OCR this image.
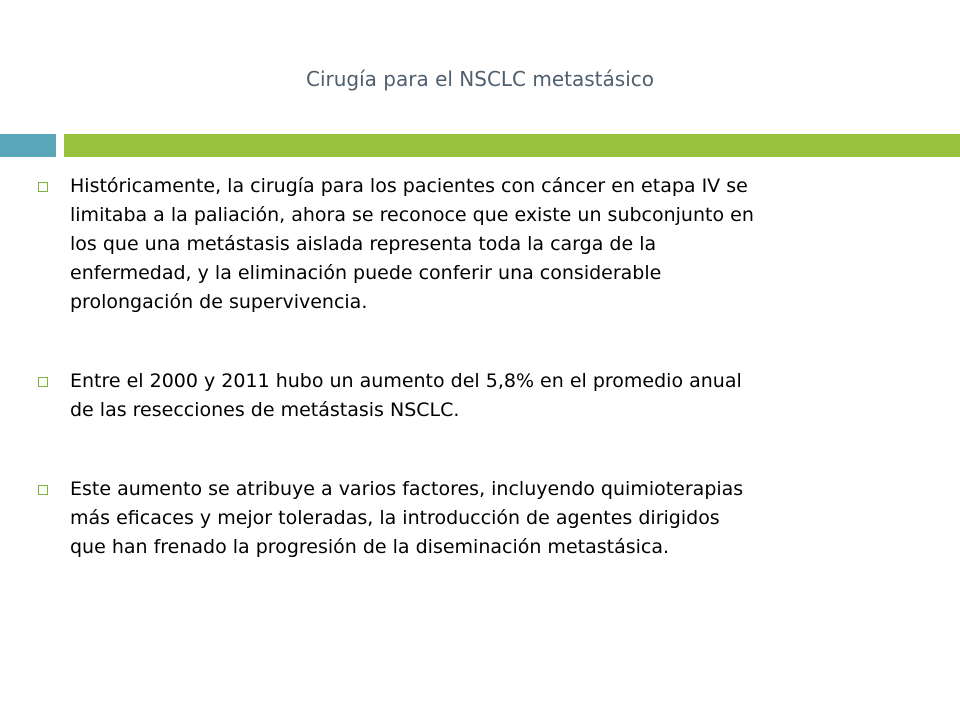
Cirugía para el NSCLC metastásico
Históricamente, la cirugía para los pacientes con cáncer en etapa IV se
limitaba a la paliación, ahora se reconoce que existe un subconjunto en
los que una metástasis aislada representa toda la carga de la
enfermedad, y la eliminación puede conferir una considerable
prolongación de supervivencia.
Entre el 2000 y 2011 hubo un aumento del 5,8% en el promedio anual
de las resecciones de metástasis NSCLC.
Este aumento se atribuye a varios factores, incluyendo quimioterapias
más eficaces y mejor toleradas, la introducción de agentes dirigidos
que han frenado la progresión de la diseminación metastásica.
